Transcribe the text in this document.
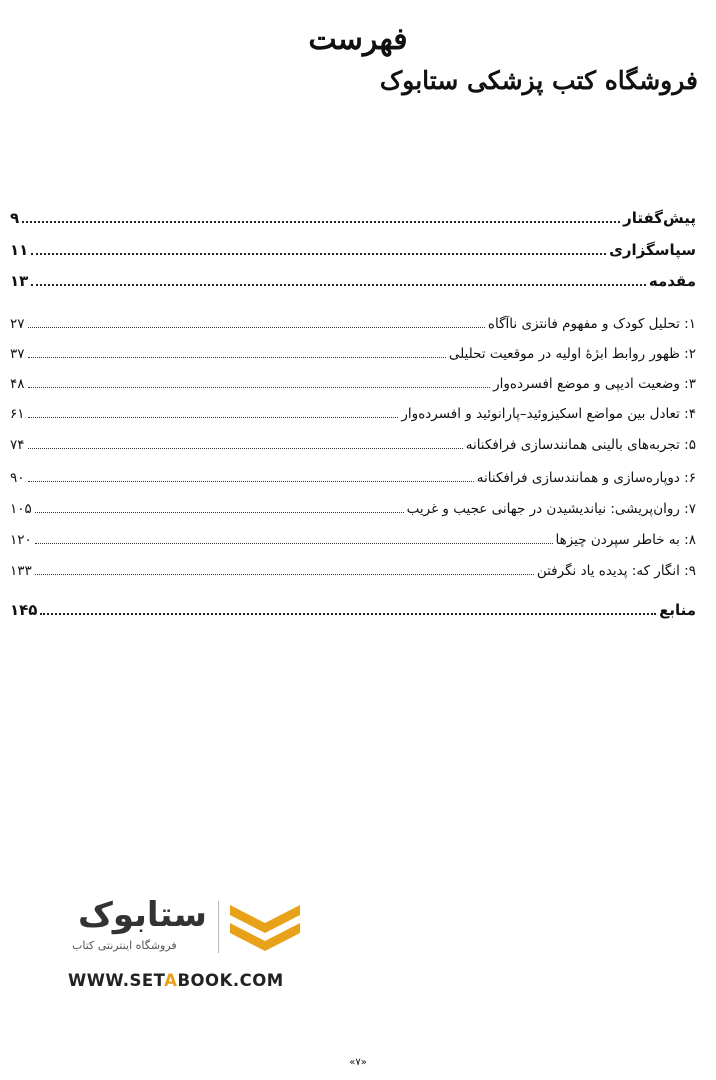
فهرست
فروشگاه کتب پزشکی ستابوک
پیش‌گفتار
۹
سپاسگزاری
۱۱
مقدمه
۱۳
۱: تحلیل کودک و مفهوم فانتزی ناآگاه
۲۷
۲: ظهور روابط ابژهٔ اولیه در موقعیت تحلیلی
۳۷
۳: وضعیت ادیپی و موضع افسرده‌وار
۴۸
۴: تعادل بین مواضع اسکیزوئید–پارانوئید و افسرده‌وار
۶۱
۵: تجربه‌های بالینی همانندسازی فرافکنانه
۷۴
۶: دوپاره‌سازی و همانندسازی فرافکنانه
۹۰
۷: روان‌پریشی: نیاندیشیدن در جهانی عجیب و غریب
۱۰۵
۸: به خاطر سپردن چیزها
۱۲۰
۹: انگار که: پدیده یاد نگرفتن
۱۳۳
منابع
۱۴۵
ستابوک
فروشگاه اینترنتی کتاب
WWW.SETABOOK.COM
«۷»
